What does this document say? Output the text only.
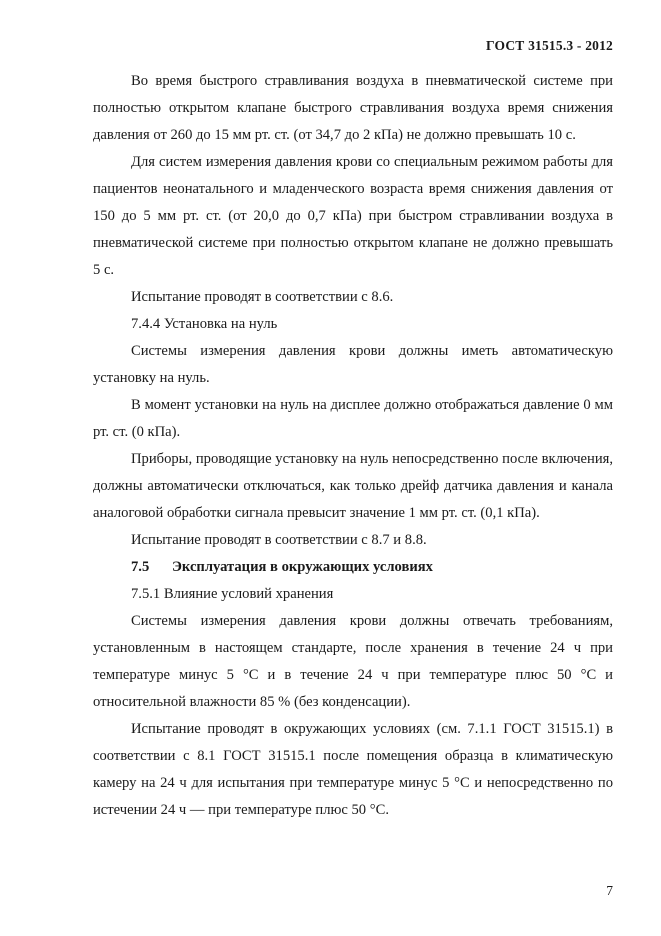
ГОСТ 31515.3 - 2012

Во время быстрого стравливания воздуха в пневматической системе при полностью открытом клапане быстрого стравливания воздуха время снижения давления от 260 до 15 мм рт. ст. (от 34,7 до 2 кПа) не должно превышать 10 с.

Для систем измерения давления крови со специальным режимом работы для пациентов неонатального и младенческого возраста время снижения давления от 150 до 5 мм рт. ст. (от 20,0 до 0,7 кПа) при быстром стравливании воздуха в пневматической системе при полностью открытом клапане не должно превышать 5 с.

Испытание проводят в соответствии с 8.6.

7.4.4 Установка на нуль

Системы измерения давления крови должны иметь автоматическую установку на нуль.

В момент установки на нуль на дисплее должно отображаться давление 0 мм рт. ст. (0 кПа).

Приборы, проводящие установку на нуль непосредственно после включения, должны автоматически отключаться, как только дрейф датчика давления и канала аналоговой обработки сигнала превысит значение 1 мм рт. ст. (0,1 кПа).

Испытание проводят в соответствии с 8.7 и 8.8.

7.5 Эксплуатация в окружающих условиях

7.5.1 Влияние условий хранения

Системы измерения давления крови должны отвечать требованиям, установленным в настоящем стандарте, после хранения в течение 24 ч при температуре минус 5 °С и в течение 24 ч при температуре плюс 50 °С и относительной влажности 85 % (без конденсации).

Испытание проводят в окружающих условиях (см. 7.1.1 ГОСТ 31515.1) в соответствии с 8.1 ГОСТ 31515.1 после помещения образца в климатическую камеру на 24 ч для испытания при температуре минус 5 °С и непосредственно по истечении 24 ч — при температуре плюс 50 °С.

7
